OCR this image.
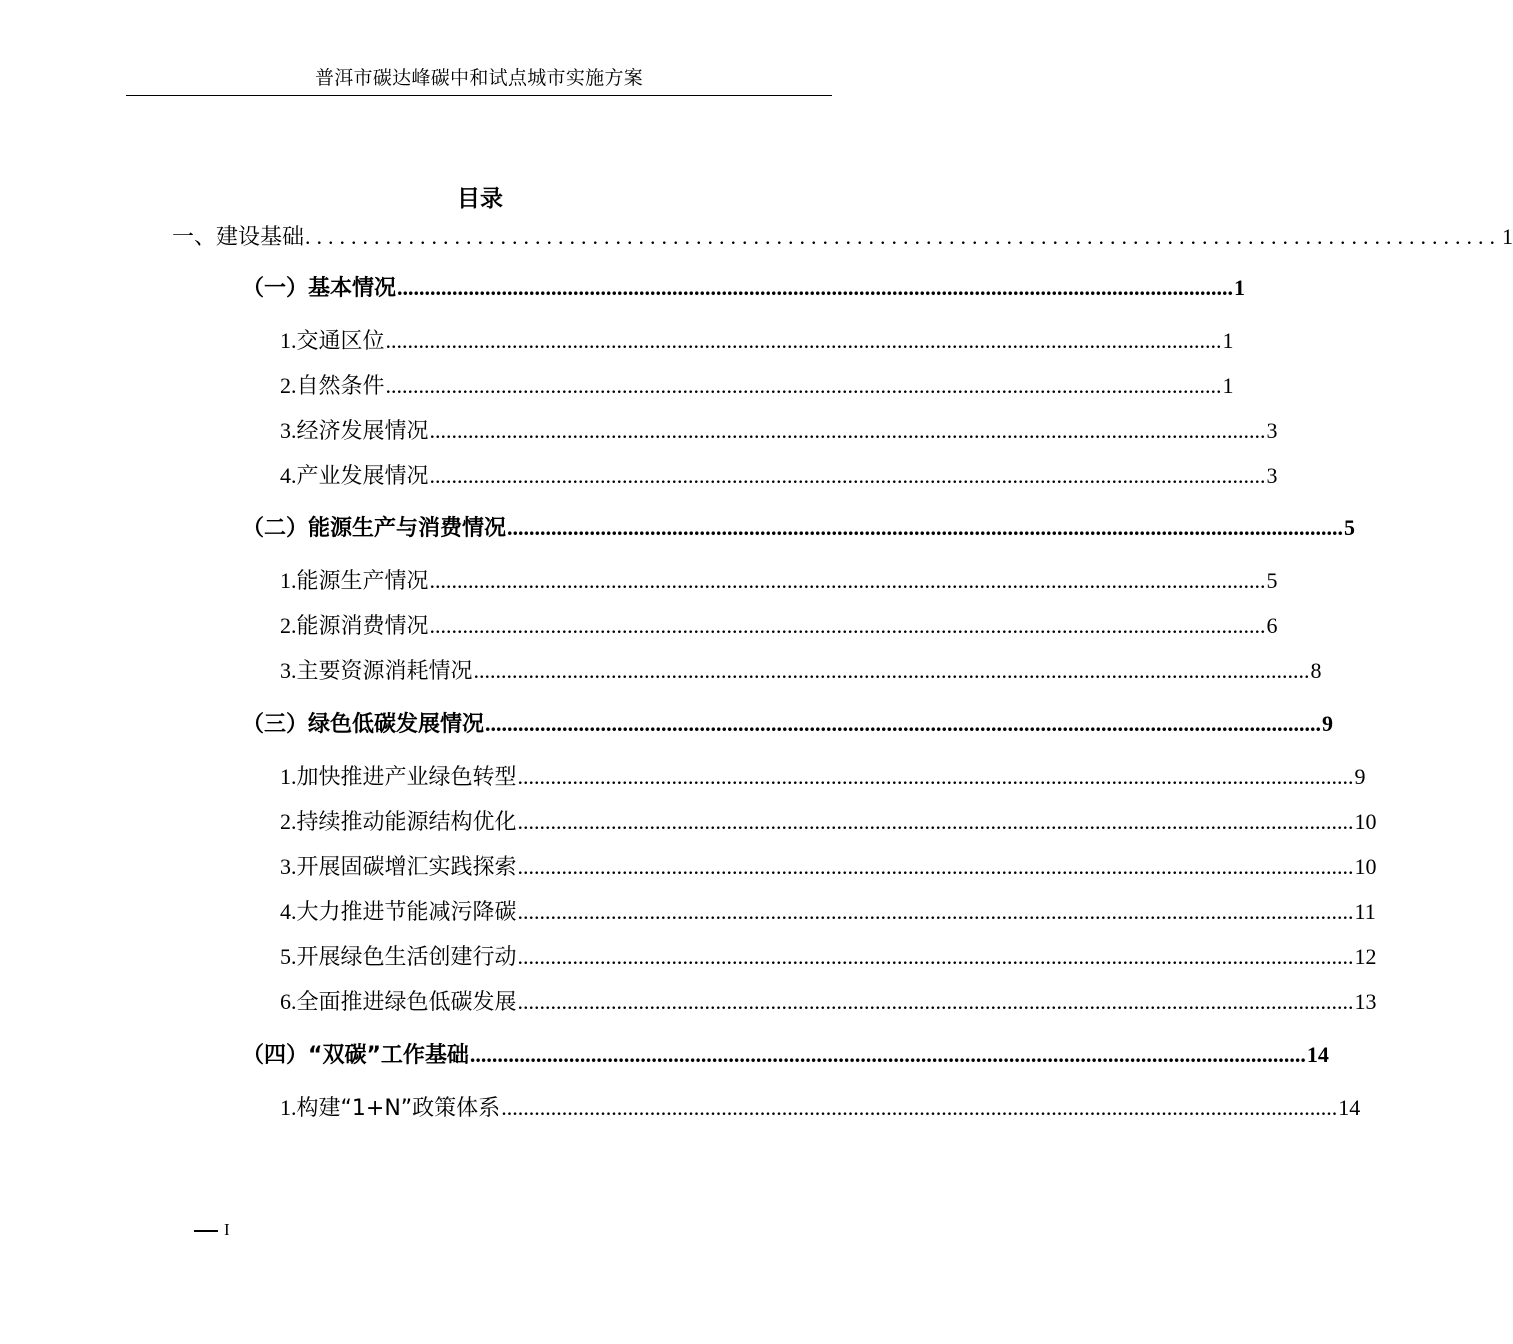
普洱市碳达峰碳中和试点城市实施方案
目录
一、建设基础 ........................................................................................................ 1
（一）基本情况 ........................................................................................................................................................ 1
1.交通区位 ........................................................................................................................................................ 1
2.自然条件 ........................................................................................................................................................ 1
3.经济发展情况 ........................................................................................................................................................ 3
4.产业发展情况 ........................................................................................................................................................ 3
（二）能源生产与消费情况 ........................................................................................................................................................ 5
1.能源生产情况 ........................................................................................................................................................ 5
2.能源消费情况 ........................................................................................................................................................ 6
3.主要资源消耗情况 ........................................................................................................................................................ 8
（三）绿色低碳发展情况 ........................................................................................................................................................ 9
1.加快推进产业绿色转型 ........................................................................................................................................................ 9
2.持续推动能源结构优化 ........................................................................................................................................................ 10
3.开展固碳增汇实践探索 ........................................................................................................................................................ 10
4.大力推进节能减污降碳 ........................................................................................................................................................ 11
5.开展绿色生活创建行动 ........................................................................................................................................................ 12
6.全面推进绿色低碳发展 ........................................................................................................................................................ 13
（四）“双碳”工作基础 ........................................................................................................................................................ 14
1.构建“1+N”政策体系 ........................................................................................................................................................ 14
I
